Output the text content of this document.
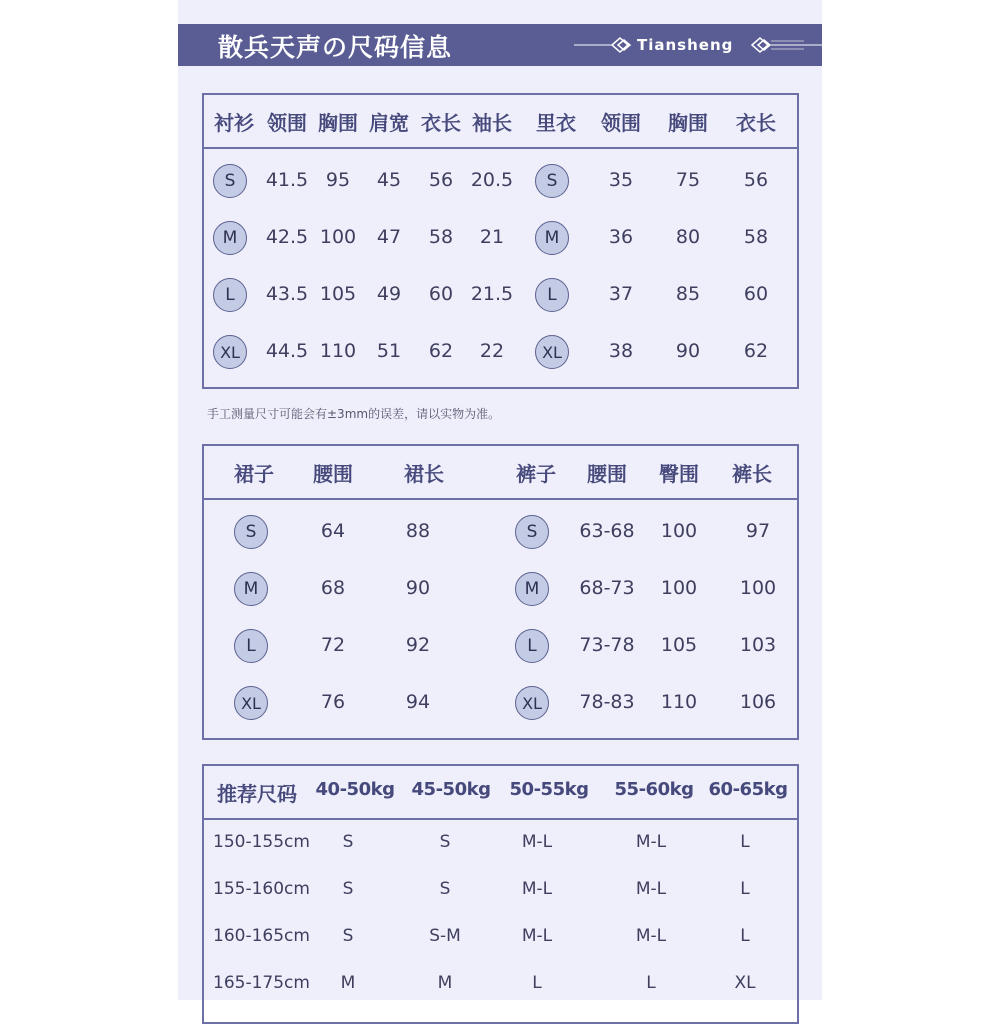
散兵天声の尺码信息	Tiansheng
衬衫 领围 胸围 肩宽 衣长 袖长 里衣 领围 胸围 衣长
S	41.5 95 45 56 20.5	S	35 75 56
M	42.5 100 47 58 21	M	36 80 58
L	43.5 105 49 60 21.5	L	37 85 60
XL	44.5 110 51 62 22	XL	38 90 62
手工测量尺寸可能会有±3mm的误差，请以实物为准。
裙子 腰围	裙长	裤子 腰围 臀围 裤长
S	64	88	S	63-68 100	97
M	68	90	M	68-73 100 100
L	72	92	L	73-78 105 103
XL	76	94	XL	78-83 110 106
推荐尺码 40-50kg 45-50kg 50-55kg 55-60kg 60-65kg
150-155cm S	S	M-L	M-L	L
155-160cm S	S	M-L	M-L	L
160-165cm S	S-M	M-L	M-L	L
165-175cm M	M	L	L	XL
